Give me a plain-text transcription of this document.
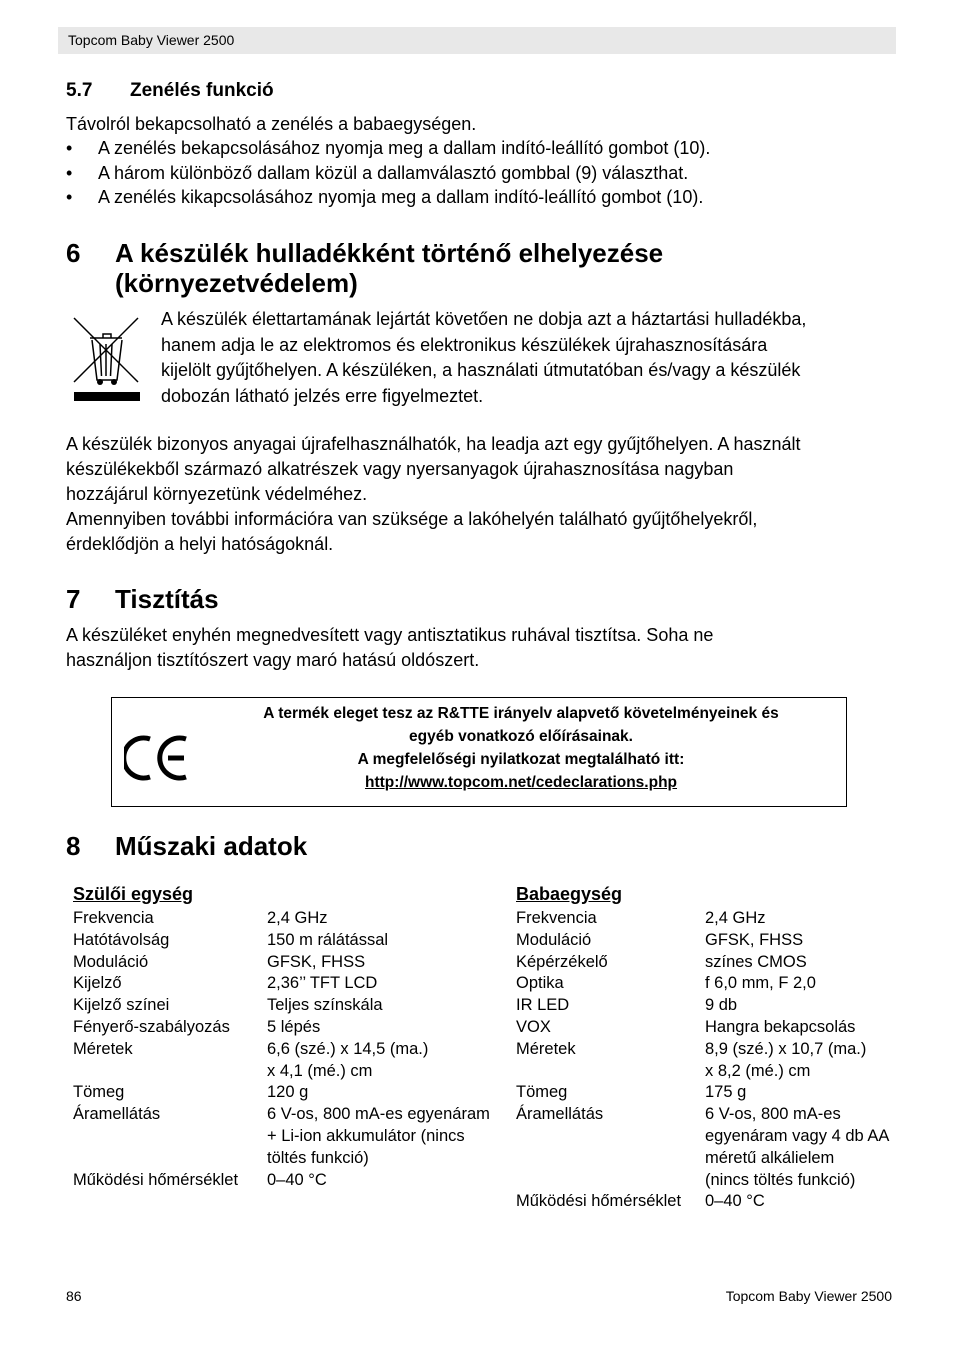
Topcom Baby Viewer 2500
5.7 Zenélés funkció
Távolról bekapcsolható a zenélés a babaegységen.
• A zenélés bekapcsolásához nyomja meg a dallam indító-leállító gombot (10).
• A három különböző dallam közül a dallamválasztó gombbal (9) választhat.
• A zenélés kikapcsolásához nyomja meg a dallam indító-leállító gombot (10).
6 A készülék hulladékként történő elhelyezése
(környezetvédelem)
A készülék élettartamának lejártát követően ne dobja azt a háztartási hulladékba,
hanem adja le az elektromos és elektronikus készülékek újrahasznosítására
kijelölt gyűjtőhelyen. A készüléken, a használati útmutatóban és/vagy a készülék
dobozán látható jelzés erre figyelmeztet.
A készülék bizonyos anyagai újrafelhasználhatók, ha leadja azt egy gyűjtőhelyen. A használt
készülékekből származó alkatrészek vagy nyersanyagok újrahasznosítása nagyban
hozzájárul környezetünk védelméhez.
Amennyiben további információra van szüksége a lakóhelyén található gyűjtőhelyekről,
érdeklődjön a helyi hatóságoknál.
7 Tisztítás
A készüléket enyhén megnedvesített vagy antisztatikus ruhával tisztítsa. Soha ne
használjon tisztítószert vagy maró hatású oldószert.
A termék eleget tesz az R&TTE irányelv alapvető követelményeinek és
egyéb vonatkozó előírásainak.
A megfelelőségi nyilatkozat megtalálható itt:
http://www.topcom.net/cedeclarations.php
8 Műszaki adatok
Szülői egység
Frekvencia	2,4 GHz
Hatótávolság	150 m rálátással
Moduláció	GFSK, FHSS
Kijelző	2,36’’ TFT LCD
Kijelző színei	Teljes színskála
Fényerő-szabályozás	5 lépés
Méretek	6,6 (szé.) x 14,5 (ma.)
	x 4,1 (mé.) cm
Tömeg	120 g
Áramellátás	6 V-os, 800 mA-es egyenáram
	+ Li-ion akkumulátor (nincs
	töltés funkció)
Működési hőmérséklet	0–40 °C
Babaegység
Frekvencia	2,4 GHz
Moduláció	GFSK, FHSS
Képérzékelő	színes CMOS
Optika	f 6,0 mm, F 2,0
IR LED	9 db
VOX	Hangra bekapcsolás
Méretek	8,9 (szé.) x 10,7 (ma.)
	x 8,2 (mé.) cm
Tömeg	175 g
Áramellátás	6 V-os, 800 mA-es
	egyenáram vagy 4 db AA
	méretű alkálielem
	(nincs töltés funkció)
Működési hőmérséklet	0–40 °C
86	Topcom Baby Viewer 2500
